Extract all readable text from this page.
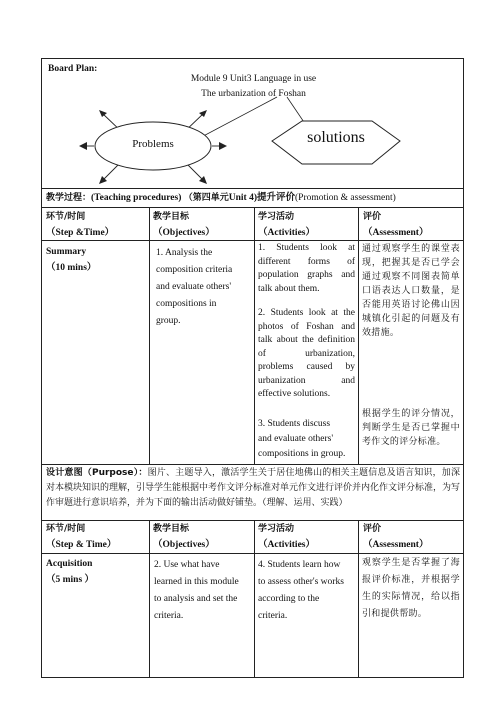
Board Plan:
Module 9 Unit3 Language in use
The urbanization of Foshan
Problems	solutions
教学过程：(Teaching procedures) （第四单元Unit 4)提升评价(Promotion & assessment)
环节/时间
（Step &Time）
教学目标
（Objectives）
学习活动
（Activities）
评价
（Assessment）
Summary
（10 mins）
1. Analysis the
composition criteria
and evaluate others'
compositions in
group.
1. Students look at different forms of population graphs and talk about them.
2. Students look at the photos of Foshan and talk about the definition of urbanization, problems caused by urbanization and effective solutions.
3. Students discuss
and evaluate others'
compositions in group.
通过观察学生的课堂表现，把握其是否已学会通过观察不同图表简单口语表达人口数量，是否能用英语讨论佛山因城镇化引起的问题及有效措施。
根据学生的评分情况，判断学生是否已掌握中考作文的评分标准。
设计意图（Purpose）：图片、主题导入，激活学生关于居住地佛山的相关主题信息及语言知识，加深对本模块知识的理解，引导学生能根据中考作文评分标准对单元作文进行评价并内化作文评分标准，为写作审题进行意识培养，并为下面的输出活动做好铺垫。（理解、运用、实践）
环节/时间
（Step & Time）
教学目标
（Objectives）
学习活动
（Activities）
评价
（Assessment）
Acquisition
（5 mins ）
2. Use what have
learned in this module
to analysis and set the
criteria.
4. Students learn how
to assess other's works
according to the
criteria.
观察学生是否掌握了海报评价标准，并根据学生的实际情况，给以指引和提供帮助。
